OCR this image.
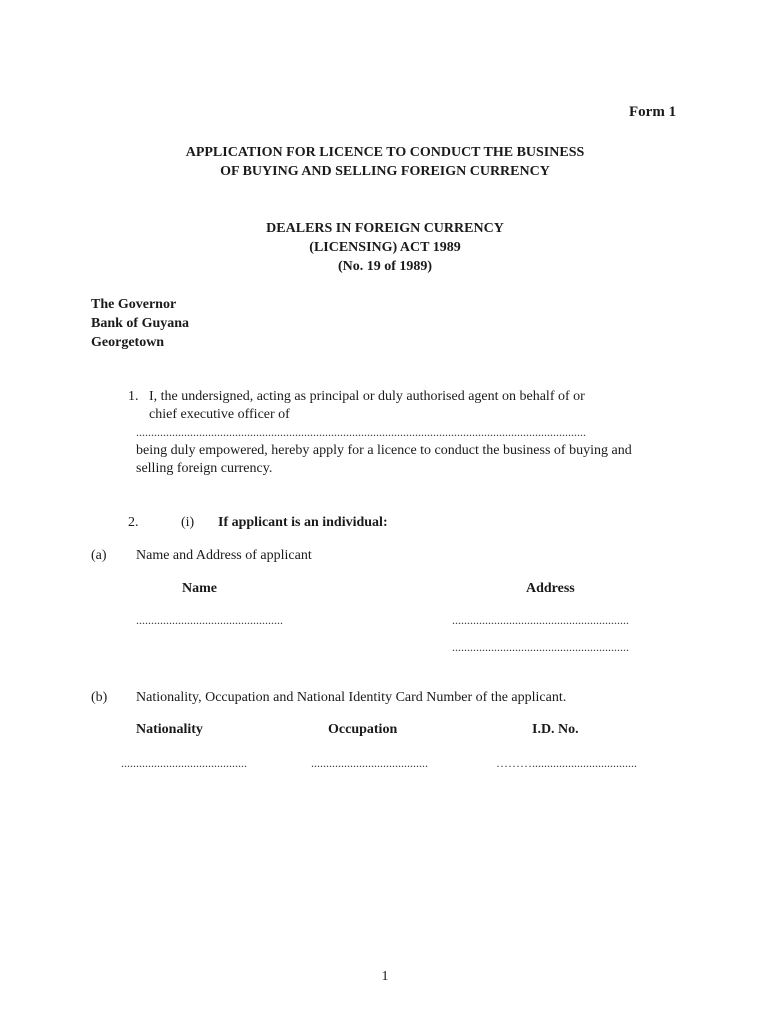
Form 1
APPLICATION FOR LICENCE TO CONDUCT THE BUSINESS
OF BUYING AND SELLING FOREIGN CURRENCY
DEALERS IN FOREIGN CURRENCY
(LICENSING) ACT 1989
(No. 19 of 1989)
The Governor
Bank of Guyana
Georgetown
1. I, the undersigned, acting as principal or duly authorised agent on behalf of or
chief executive officer of
......................................................................................................................................................
being duly empowered, hereby apply for a licence to conduct the business of buying and
selling foreign currency.
2.	(i) If applicant is an individual:
(a) Name and Address of applicant
Name	Address
.................................................	...........................................................
...........................................................
(b) Nationality, Occupation and National Identity Card Number of the applicant.
Nationality	Occupation	I.D. No.
..........................................	.......................................	………...................................
1
